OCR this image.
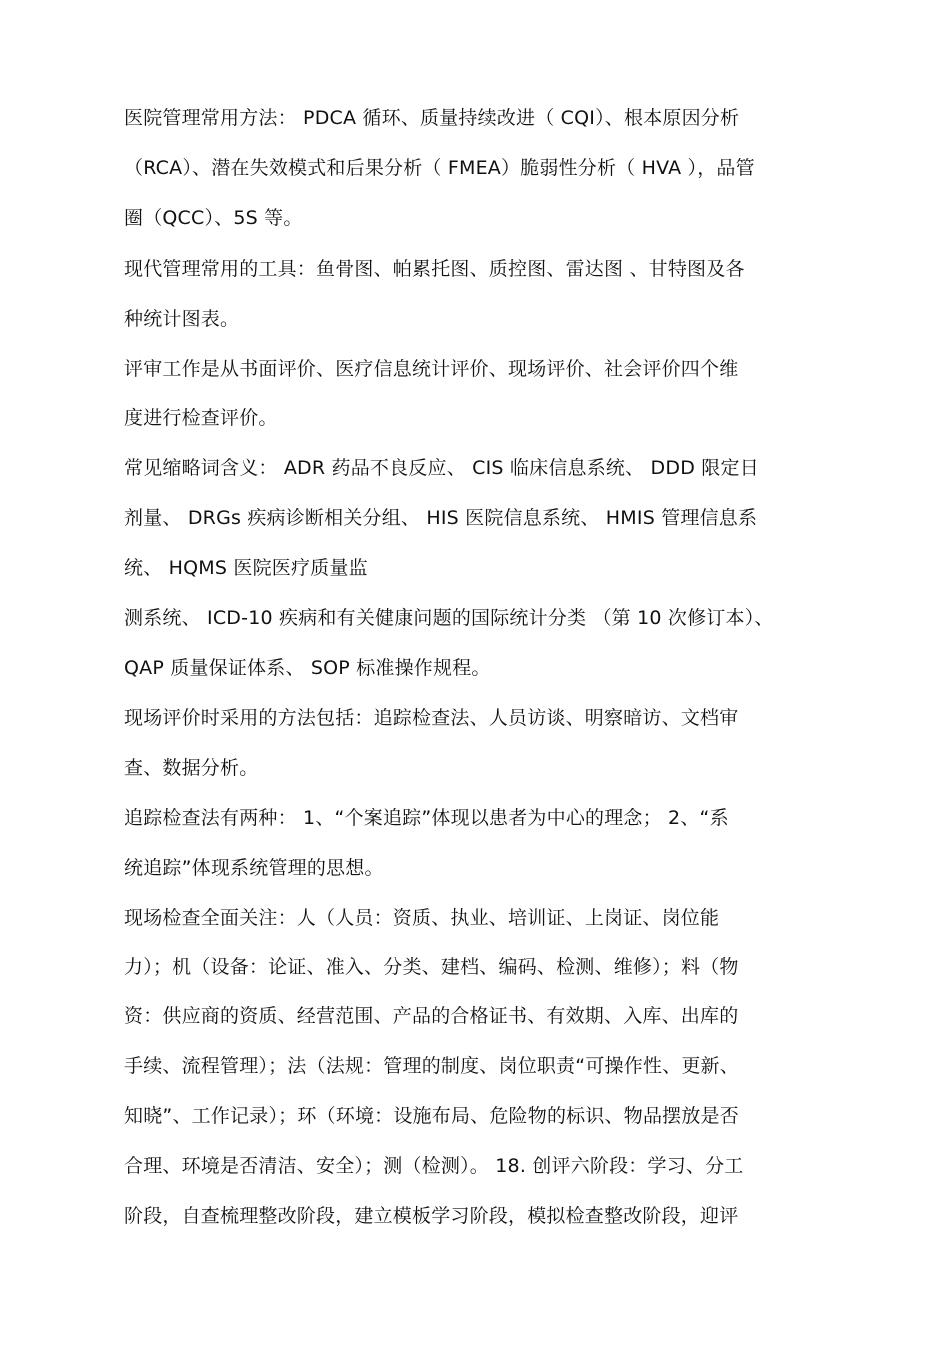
医院管理常用方法： PDCA 循环、质量持续改进（ CQI）、根本原因分析
（RCA）、潜在失效模式和后果分析（ FMEA）脆弱性分析（ HVA ），品管
圈（QCC）、5S 等。
现代管理常用的工具：鱼骨图、帕累托图、质控图、雷达图 、甘特图及各
种统计图表。
评审工作是从书面评价、医疗信息统计评价、现场评价、社会评价四个维
度进行检查评价。
常见缩略词含义： ADR 药品不良反应、 CIS 临床信息系统、 DDD 限定日
剂量、 DRGs 疾病诊断相关分组、 HIS 医院信息系统、 HMIS 管理信息系
统、 HQMS 医院医疗质量监
测系统、 ICD-10 疾病和有关健康问题的国际统计分类 （第 10 次修订本）、
QAP 质量保证体系、 SOP 标准操作规程。
现场评价时采用的方法包括：追踪检查法、人员访谈、明察暗访、文档审
查、数据分析。
追踪检查法有两种： 1、“个案追踪”体现以患者为中心的理念； 2、“系
统追踪”体现系统管理的思想。
现场检查全面关注：人（人员：资质、执业、培训证、上岗证、岗位能
力）；机（设备：论证、准入、分类、建档、编码、检测、维修）；料（物
资：供应商的资质、经营范围、产品的合格证书、有效期、入库、出库的
手续、流程管理）；法（法规：管理的制度、岗位职责“可操作性、更新、
知晓”、工作记录）；环（环境：设施布局、危险物的标识、物品摆放是否
合理、环境是否清洁、安全）；测（检测）。 18. 创评六阶段：学习、分工
阶段，自查梳理整改阶段，建立模板学习阶段，模拟检查整改阶段，迎评
